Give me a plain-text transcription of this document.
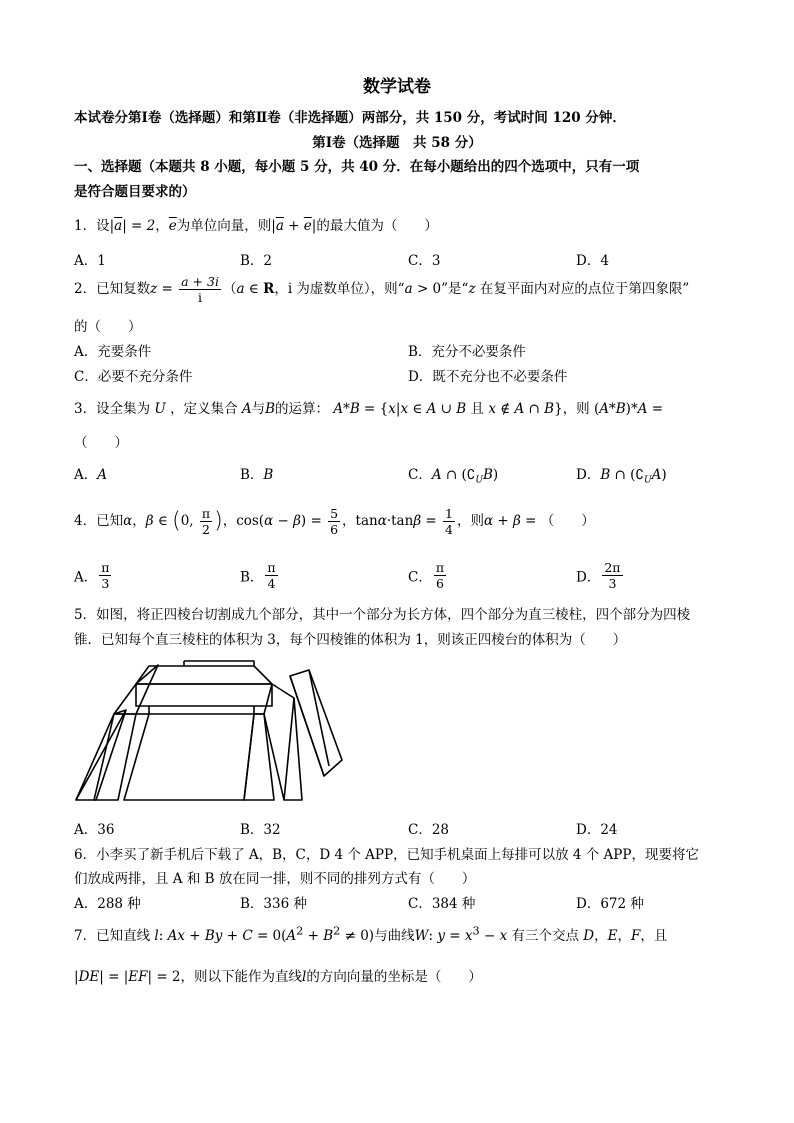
数学试卷
本试卷分第Ⅰ卷（选择题）和第Ⅱ卷（非选择题）两部分，共 150 分，考试时间 120 分钟．
第Ⅰ卷（选择题　共 58 分）
一、选择题（本题共 8 小题，每小题 5 分，共 40 分．在每小题给出的四个选项中，只有一项
是符合题目要求的）
1．设$|\overline{a}| = 2$，$\overline{e}$为单位向量，则$|\overline{a} + \overline{e}|$的最大值为（　　）
A．1	B．2	C．3	D．4
2．已知复数$z = \frac{a + 3i}{i} (a$ ∈ R，i 为虚数单位），则“a > 0”是“z 在复平面内对应的点位于第四象限”
的（　　）
A．充要条件	B．充分不必要条件
C．必要不充分条件	D．既不充分也不必要条件
3．设全集为 U ，定义集合 A与B的运算： A*B = {x|x ∈ A ∪ B 且 x ∉ A ∩ B}，则 (A*B)*A =
（　　）
A．A	B．B	C．A ∩ $(∁_UB)$	D．B ∩ $(∁_UA)$
4．已知α，β ∈ (0, $\frac{\pi}{2}$ )，$\cos(\alpha - \beta) = \frac{5}{6}$ ，$\tan\alpha\cdot\tan\beta = \frac{1}{4}$ ，则α + β = （　　）
A． $\frac{\pi}{3}$	B． $\frac{\pi}{4}$	C． $\frac{\pi}{6}$	D． $\frac{2\pi}{3}$
5．如图，将正四棱台切割成九个部分，其中一个部分为长方体，四个部分为直三棱柱，四个部分为四棱
锥．已知每个直三棱柱的体积为 3，每个四棱锥的体积为 1，则该正四棱台的体积为（　　）
A．36	B．32	C．28	D．24
6．小李买了新手机后下载了 A，B，C，D 4 个 APP，已知手机桌面上每排可以放 4 个 APP，现要将它
们放成两排，且 A 和 B 放在同一排，则不同的排列方式有（　　）
A．288 种	B．336 种	C．384 种	D．672 种
7．已知直线 l: $Ax + By + C = 0(A^2 + B^2 \ne 0)$与曲线W: $y = x^3 - x$ 有三个交点 D，E，F，且
|DE| = |EF| = 2，则以下能作为直线l的方向向量的坐标是（　　）
